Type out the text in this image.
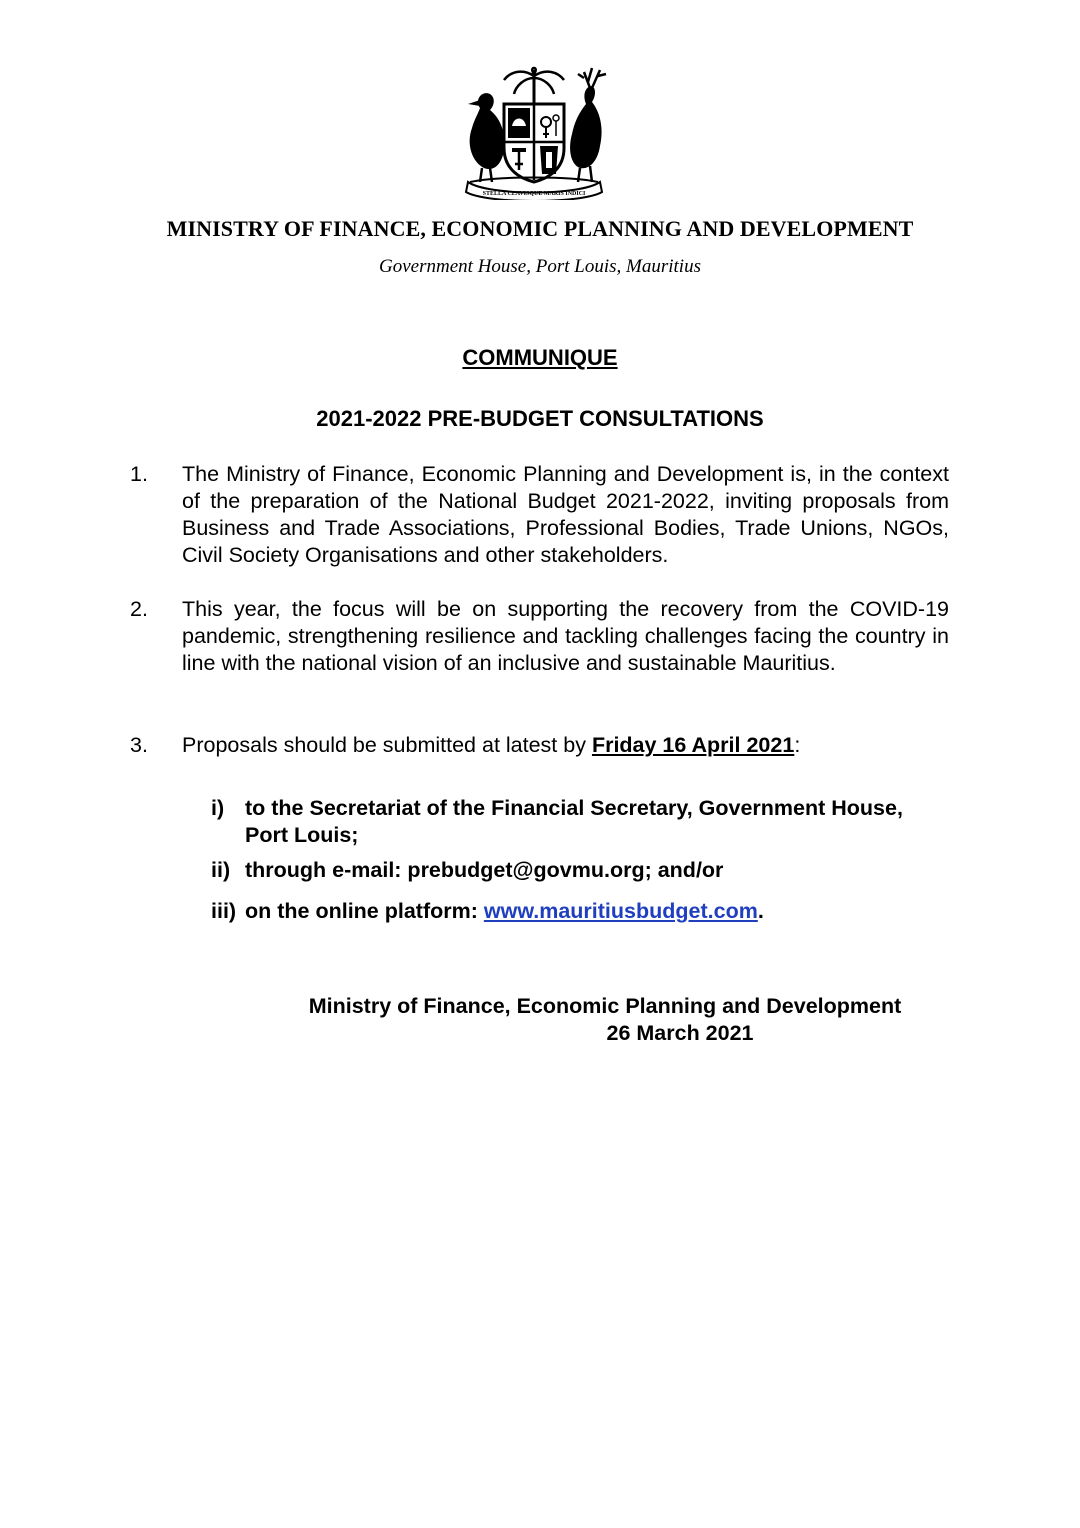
STELLA CLAVISQUE MARIS INDICI
MINISTRY OF FINANCE, ECONOMIC PLANNING AND DEVELOPMENT
Government House, Port Louis, Mauritius
COMMUNIQUE
2021-2022 PRE-BUDGET CONSULTATIONS
1.	The Ministry of Finance, Economic Planning and Development is, in the context of the preparation of the National Budget 2021-2022, inviting proposals from Business and Trade Associations, Professional Bodies, Trade Unions, NGOs, Civil Society Organisations and other stakeholders.
2.	This year, the focus will be on supporting the recovery from the COVID-19 pandemic, strengthening resilience and tackling challenges facing the country in line with the national vision of an inclusive and sustainable Mauritius.
3.	Proposals should be submitted at latest by Friday 16 April 2021:
i) to the Secretariat of the Financial Secretary, Government House, Port Louis;
ii) through e-mail: prebudget@govmu.org; and/or
iii) on the online platform: www.mauritiusbudget.com.
Ministry of Finance, Economic Planning and Development
26 March 2021
